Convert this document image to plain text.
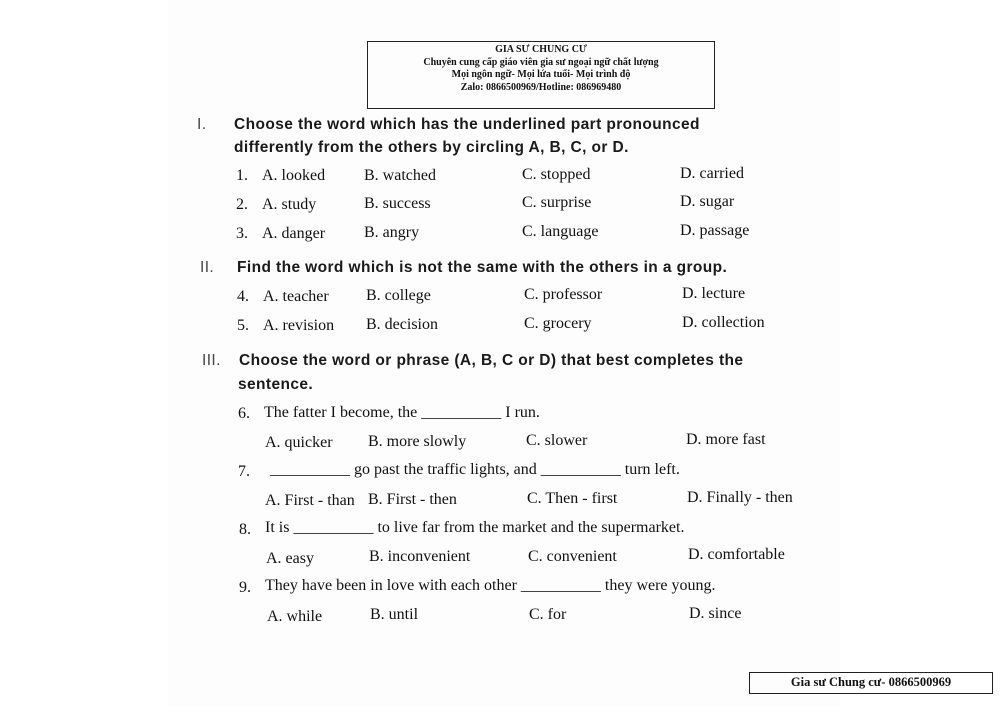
GIA SƯ CHUNG CƯ
Chuyên cung cấp giáo viên gia sư ngoại ngữ chất lượng
Mọi ngôn ngữ- Mọi lứa tuổi- Mọi trình độ
Zalo: 0866500969/Hotline: 086969480
I. Choose the word which has the underlined part pronounced
differently from the others by circling A, B, C, or D.
1. A. looked B. watched	C. stopped	D. carried
2. A. study	B. success	C. surprise	D. sugar
3. A. danger B. angry	C. language	D. passage
II. Find the word which is not the same with the others in a group.
4. A. teacher B. college	C. professor	D. lecture
5. A. revision B. decision	C. grocery	D. collection
III. Choose the word or phrase (A, B, C or D) that best completes the
sentence.
6. The fatter I become, the __________ I run.
A. quicker B. more slowly	C. slower	D. more fast
7. __________ go past the traffic lights, and __________ turn left.
A. First - than B. First - then	C. Then - first	D. Finally - then
8. It is __________ to live far from the market and the supermarket.
A. easy	B. inconvenient	C. convenient	D. comfortable
9. They have been in love with each other __________ they were young.
A. while	B. until	C. for	D. since
Gia sư Chung cư- 0866500969
